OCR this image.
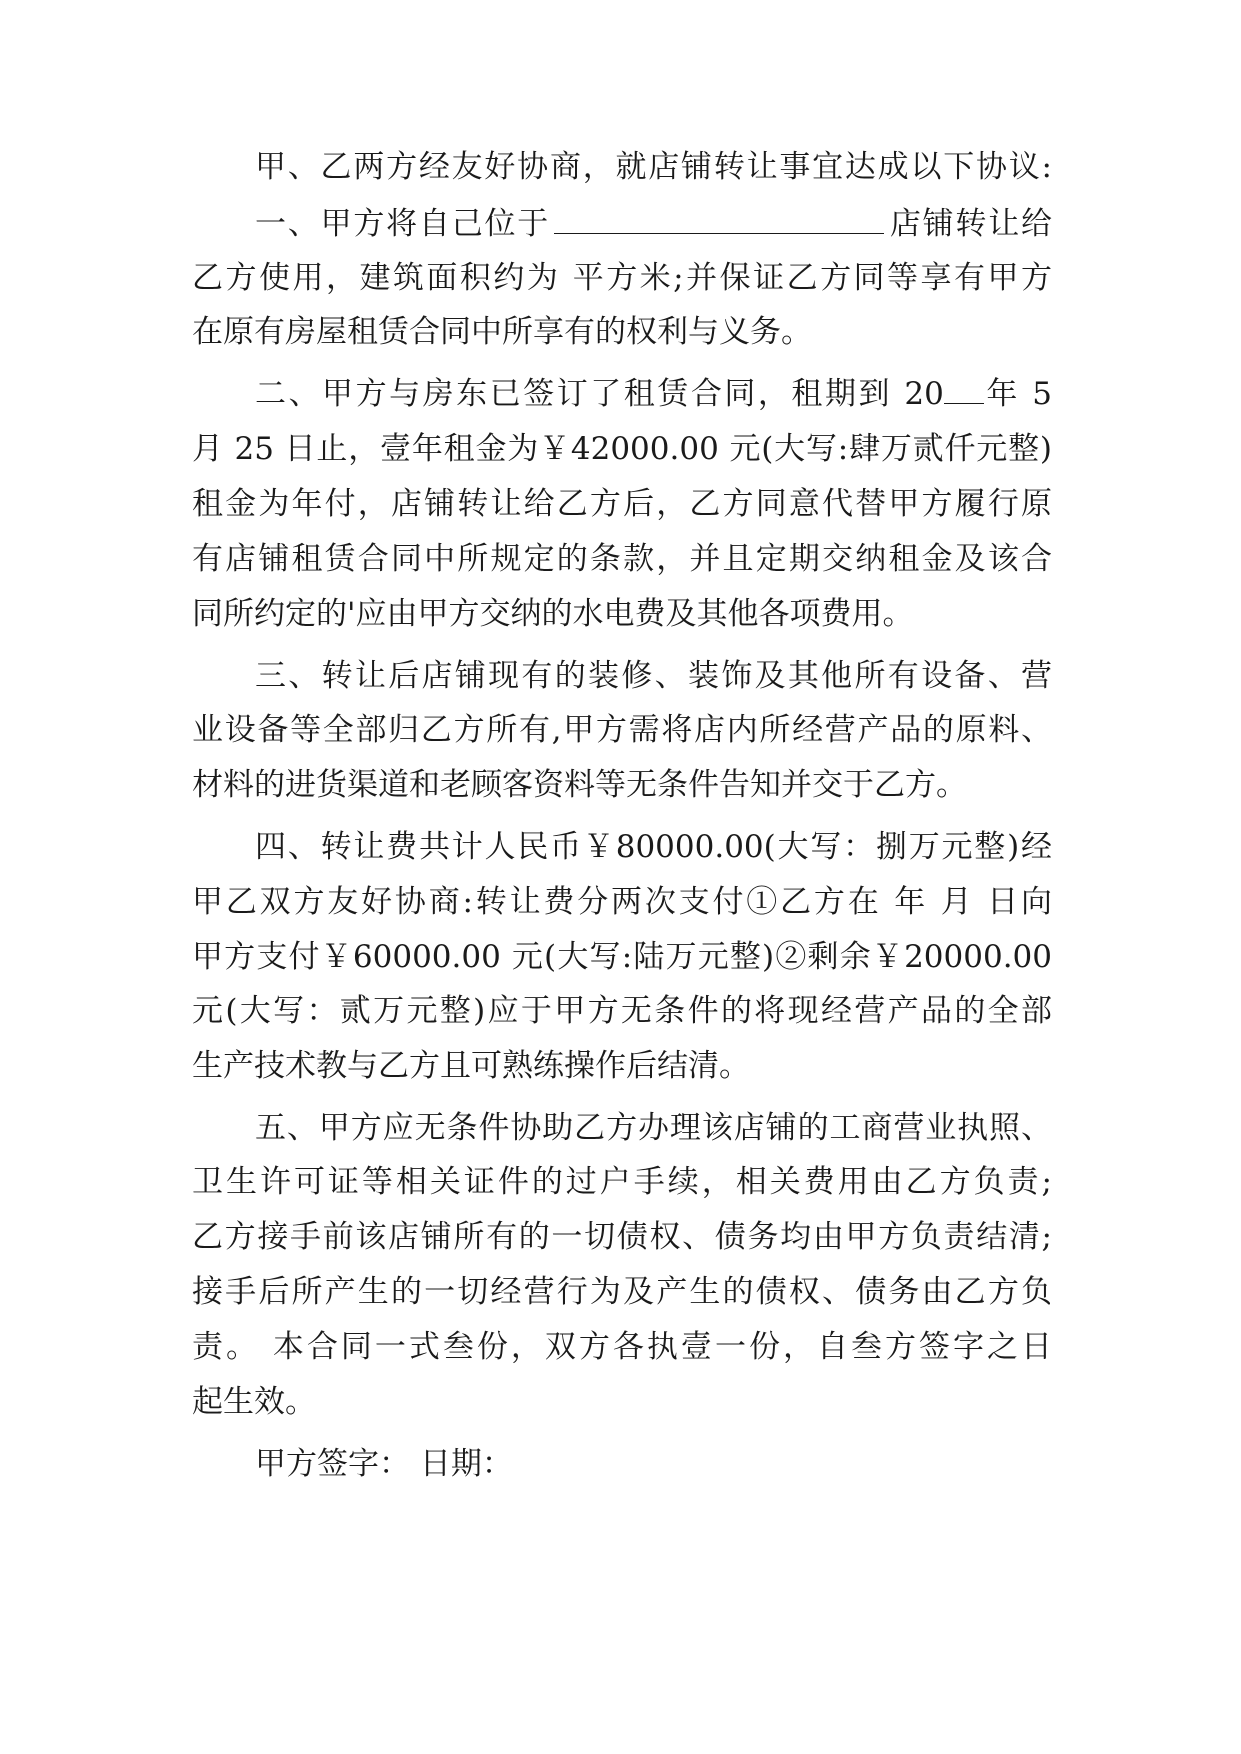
甲、乙两方经友好协商，就店铺转让事宜达成以下协议:
一、甲方将自己位于	店铺转让给
乙方使用，建筑面积约为 平方米;并保证乙方同等享有甲方
在原有房屋租赁合同中所享有的权利与义务。
二、甲方与房东已签订了租赁合同，租期到 20 年 5
月 25 日止，壹年租金为￥42000.00 元(大写:肆万贰仟元整)
租金为年付，店铺转让给乙方后，乙方同意代替甲方履行原
有店铺租赁合同中所规定的条款，并且定期交纳租金及该合
同所约定的'应由甲方交纳的水电费及其他各项费用。
三、转让后店铺现有的装修、装饰及其他所有设备、营
业设备等全部归乙方所有,甲方需将店内所经营产品的原料、
材料的进货渠道和老顾客资料等无条件告知并交于乙方。
四、转让费共计人民币￥80000.00(大写：捌万元整)经
甲乙双方友好协商:转让费分两次支付①乙方在 年 月 日向
甲方支付￥60000.00 元(大写:陆万元整)②剩余￥20000.00
元(大写：贰万元整)应于甲方无条件的将现经营产品的全部
生产技术教与乙方且可熟练操作后结清。
五、甲方应无条件协助乙方办理该店铺的工商营业执照、
卫生许可证等相关证件的过户手续，相关费用由乙方负责;
乙方接手前该店铺所有的一切债权、债务均由甲方负责结清;
接手后所产生的一切经营行为及产生的债权、债务由乙方负
责。 本合同一式叁份，双方各执壹一份，自叁方签字之日
起生效。
甲方签字： 日期：
